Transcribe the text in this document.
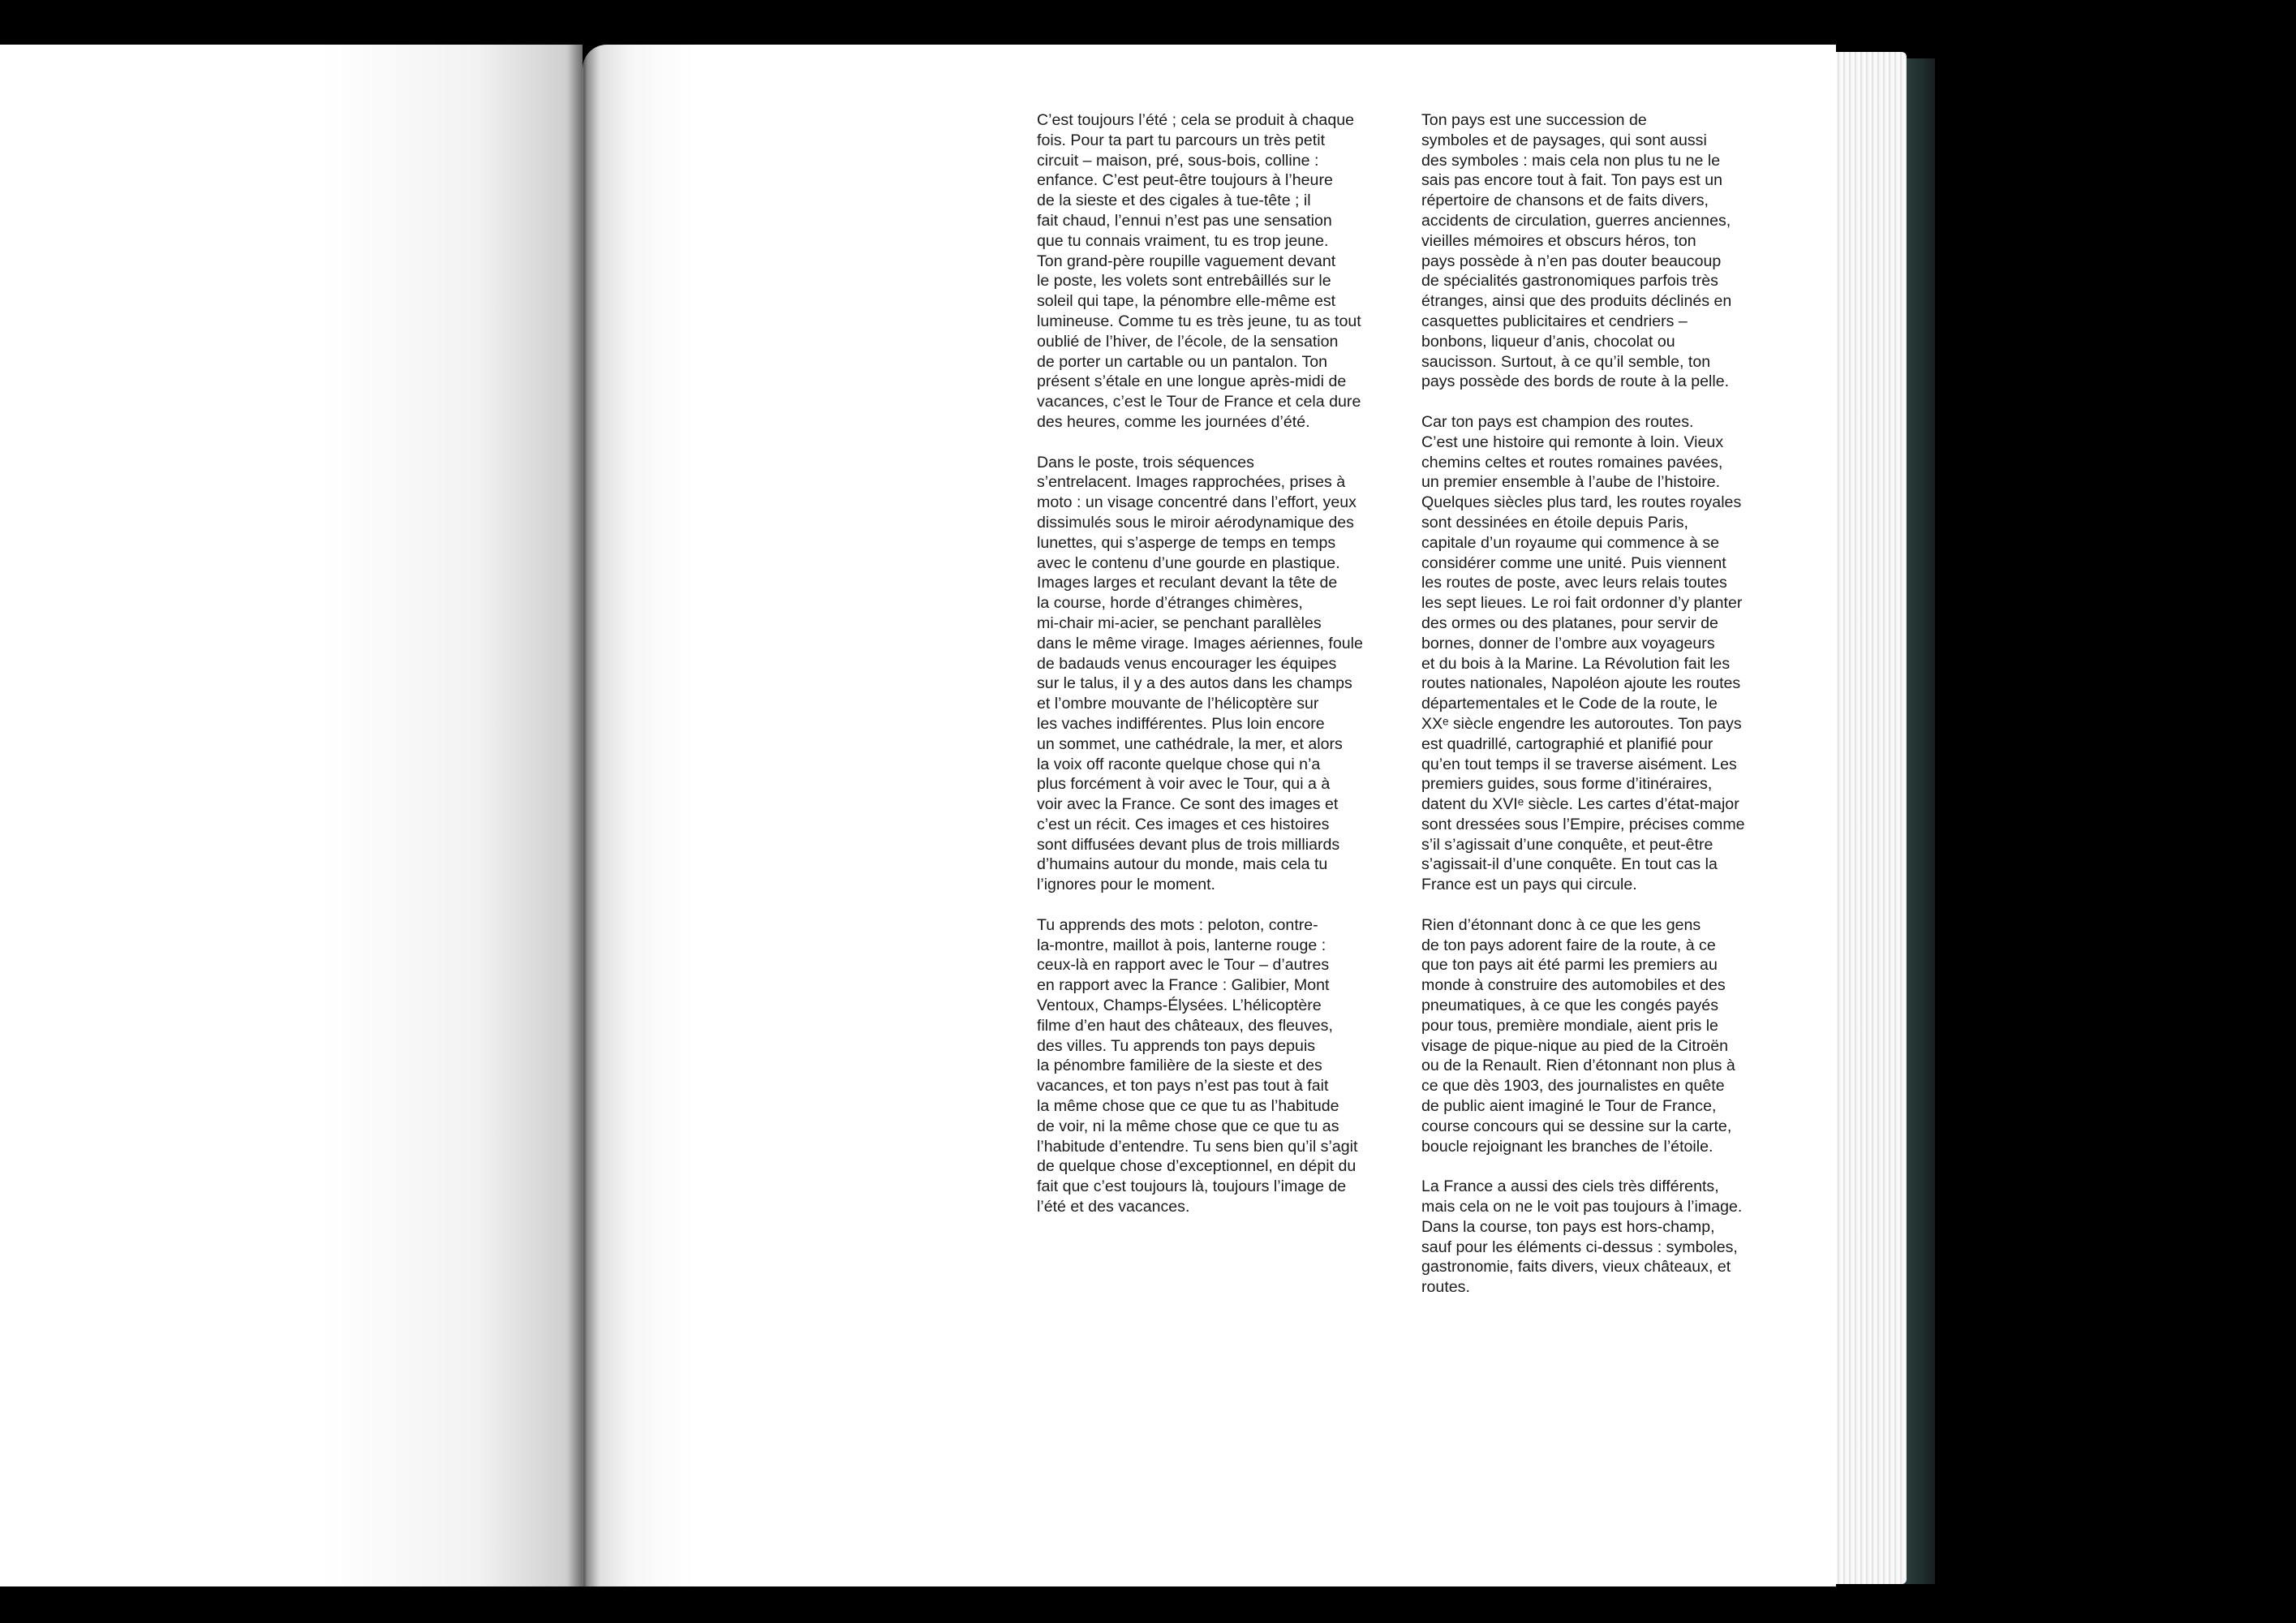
C’est toujours l’été ; cela se produit à chaque
fois. Pour ta part tu parcours un très petit
circuit – maison, pré, sous-bois, colline :
enfance. C’est peut-être toujours à l’heure
de la sieste et des cigales à tue-tête ; il
fait chaud, l’ennui n’est pas une sensation
que tu connais vraiment, tu es trop jeune.
Ton grand-père roupille vaguement devant
le poste, les volets sont entrebâillés sur le
soleil qui tape, la pénombre elle-même est
lumineuse. Comme tu es très jeune, tu as tout
oublié de l’hiver, de l’école, de la sensation
de porter un cartable ou un pantalon. Ton
présent s’étale en une longue après-midi de
vacances, c’est le Tour de France et cela dure
des heures, comme les journées d’été.

Dans le poste, trois séquences
s’entrelacent. Images rapprochées, prises à
moto : un visage concentré dans l’effort, yeux
dissimulés sous le miroir aérodynamique des
lunettes, qui s’asperge de temps en temps
avec le contenu d’une gourde en plastique.
Images larges et reculant devant la tête de
la course, horde d’étranges chimères,
mi-chair mi-acier, se penchant parallèles
dans le même virage. Images aériennes, foule
de badauds venus encourager les équipes
sur le talus, il y a des autos dans les champs
et l’ombre mouvante de l’hélicoptère sur
les vaches indifférentes. Plus loin encore
un sommet, une cathédrale, la mer, et alors
la voix off raconte quelque chose qui n’a
plus forcément à voir avec le Tour, qui a à
voir avec la France. Ce sont des images et
c’est un récit. Ces images et ces histoires
sont diffusées devant plus de trois milliards
d’humains autour du monde, mais cela tu
l’ignores pour le moment.

Tu apprends des mots : peloton, contre-
la-montre, maillot à pois, lanterne rouge :
ceux-là en rapport avec le Tour – d’autres
en rapport avec la France : Galibier, Mont
Ventoux, Champs-Élysées. L’hélicoptère
filme d’en haut des châteaux, des fleuves,
des villes. Tu apprends ton pays depuis
la pénombre familière de la sieste et des
vacances, et ton pays n’est pas tout à fait
la même chose que ce que tu as l’habitude
de voir, ni la même chose que ce que tu as
l’habitude d’entendre. Tu sens bien qu’il s’agit
de quelque chose d’exceptionnel, en dépit du
fait que c’est toujours là, toujours l’image de
l’été et des vacances.

Ton pays est une succession de
symboles et de paysages, qui sont aussi
des symboles : mais cela non plus tu ne le
sais pas encore tout à fait. Ton pays est un
répertoire de chansons et de faits divers,
accidents de circulation, guerres anciennes,
vieilles mémoires et obscurs héros, ton
pays possède à n’en pas douter beaucoup
de spécialités gastronomiques parfois très
étranges, ainsi que des produits déclinés en
casquettes publicitaires et cendriers –
bonbons, liqueur d’anis, chocolat ou
saucisson. Surtout, à ce qu’il semble, ton
pays possède des bords de route à la pelle.

Car ton pays est champion des routes.
C’est une histoire qui remonte à loin. Vieux
chemins celtes et routes romaines pavées,
un premier ensemble à l’aube de l’histoire.
Quelques siècles plus tard, les routes royales
sont dessinées en étoile depuis Paris,
capitale d’un royaume qui commence à se
considérer comme une unité. Puis viennent
les routes de poste, avec leurs relais toutes
les sept lieues. Le roi fait ordonner d’y planter
des ormes ou des platanes, pour servir de
bornes, donner de l’ombre aux voyageurs
et du bois à la Marine. La Révolution fait les
routes nationales, Napoléon ajoute les routes
départementales et le Code de la route, le
XXᵉ siècle engendre les autoroutes. Ton pays
est quadrillé, cartographié et planifié pour
qu’en tout temps il se traverse aisément. Les
premiers guides, sous forme d’itinéraires,
datent du XVIᵉ siècle. Les cartes d’état-major
sont dressées sous l’Empire, précises comme
s’il s’agissait d’une conquête, et peut-être
s’agissait-il d’une conquête. En tout cas la
France est un pays qui circule.

Rien d’étonnant donc à ce que les gens
de ton pays adorent faire de la route, à ce
que ton pays ait été parmi les premiers au
monde à construire des automobiles et des
pneumatiques, à ce que les congés payés
pour tous, première mondiale, aient pris le
visage de pique-nique au pied de la Citroën
ou de la Renault. Rien d’étonnant non plus à
ce que dès 1903, des journalistes en quête
de public aient imaginé le Tour de France,
course concours qui se dessine sur la carte,
boucle rejoignant les branches de l’étoile.

La France a aussi des ciels très différents,
mais cela on ne le voit pas toujours à l’image.
Dans la course, ton pays est hors-champ,
sauf pour les éléments ci-dessus : symboles,
gastronomie, faits divers, vieux châteaux, et
routes.
